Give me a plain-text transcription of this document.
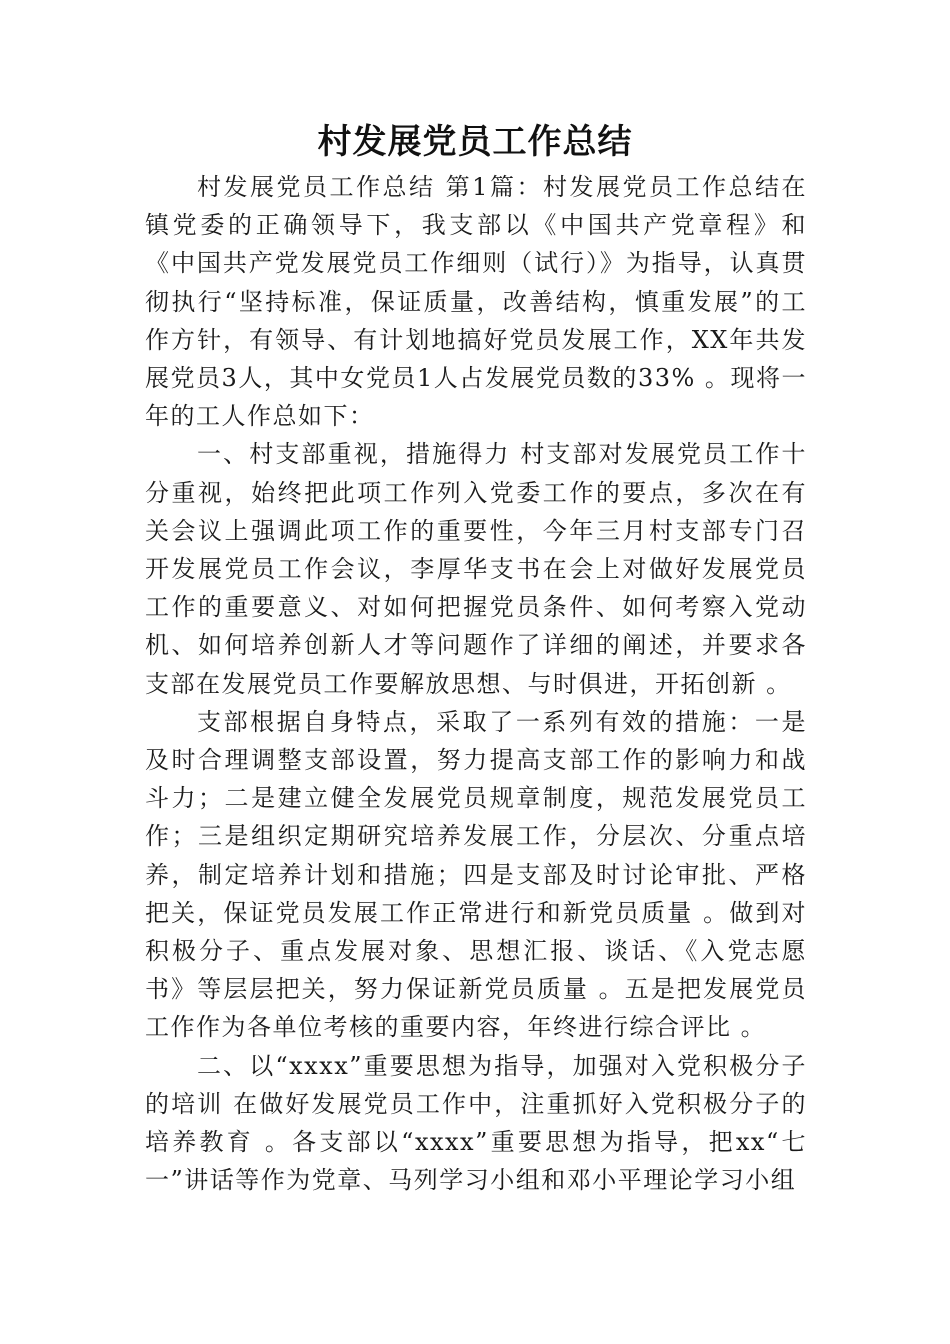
村发展党员工作总结

村发展党员工作总结 第1篇：村发展党员工作总结在镇党委的正确领导下，我支部以《中国共产党章程》和《中国共产党发展党员工作细则（试行）》为指导，认真贯彻执行“坚持标准，保证质量，改善结构，慎重发展”的工作方针，有领导、有计划地搞好党员发展工作，XX年共发展党员3人，其中女党员1人占发展党员数的33% 。现将一年的工人作总如下：

一、村支部重视，措施得力 村支部对发展党员工作十分重视，始终把此项工作列入党委工作的要点，多次在有关会议上强调此项工作的重要性，今年三月村支部专门召开发展党员工作会议，李厚华支书在会上对做好发展党员工作的重要意义、对如何把握党员条件、如何考察入党动机、如何培养创新人才等问题作了详细的阐述，并要求各支部在发展党员工作要解放思想、与时俱进，开拓创新 。

支部根据自身特点，采取了一系列有效的措施：一是及时合理调整支部设置，努力提高支部工作的影响力和战斗力；二是建立健全发展党员规章制度，规范发展党员工作；三是组织定期研究培养发展工作，分层次、分重点培养，制定培养计划和措施；四是支部及时讨论审批、严格把关，保证党员发展工作正常进行和新党员质量 。做到对积极分子、重点发展对象、思想汇报、谈话、《入党志愿书》等层层把关，努力保证新党员质量 。五是把发展党员工作作为各单位考核的重要内容，年终进行综合评比 。

二、以“xxxx”重要思想为指导，加强对入党积极分子的培训 在做好发展党员工作中，注重抓好入党积极分子的培养教育 。各支部以“xxxx”重要思想为指导，把xx“七一”讲话等作为党章、马列学习小组和邓小平理论学习小组
